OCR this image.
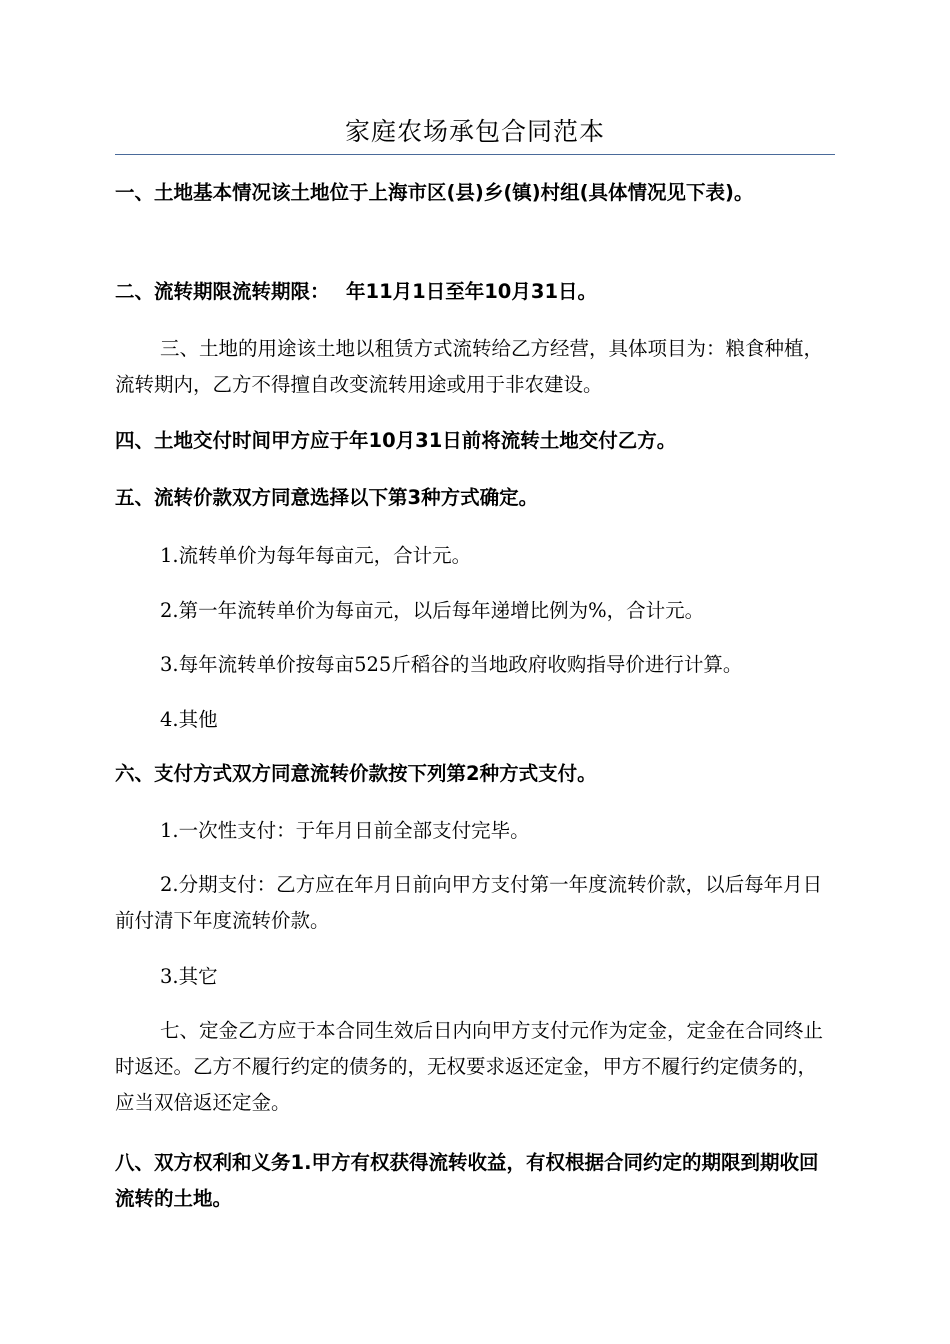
家庭农场承包合同范本

一、土地基本情况该土地位于上海市区(县)乡(镇)村组(具体情况见下表)。

二、流转期限流转期限：　 年11月1日至年10月31日。

三、土地的用途该土地以租赁方式流转给乙方经营，具体项目为：粮食种植，流转期内，乙方不得擅自改变流转用途或用于非农建设。

四、土地交付时间甲方应于年10月31日前将流转土地交付乙方。

五、流转价款双方同意选择以下第3种方式确定。

1.流转单价为每年每亩元，合计元。

2.第一年流转单价为每亩元，以后每年递增比例为%，合计元。

3.每年流转单价按每亩525斤稻谷的当地政府收购指导价进行计算。

4.其他

六、支付方式双方同意流转价款按下列第2种方式支付。

1.一次性支付：于年月日前全部支付完毕。

2.分期支付：乙方应在年月日前向甲方支付第一年度流转价款，以后每年月日前付清下年度流转价款。

3.其它

七、定金乙方应于本合同生效后日内向甲方支付元作为定金，定金在合同终止时返还。乙方不履行约定的债务的，无权要求返还定金，甲方不履行约定债务的，应当双倍返还定金。

八、双方权利和义务1.甲方有权获得流转收益，有权根据合同约定的期限到期收回流转的土地。
